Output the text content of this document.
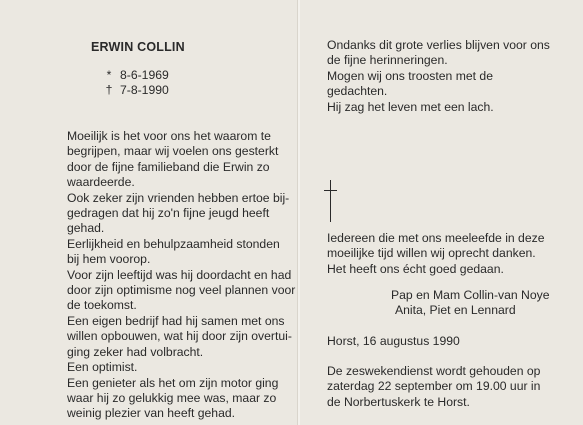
ERWIN COLLIN
* 8-6-1969
† 7-8-1990
Moeilijk is het voor ons het waarom te
begrijpen, maar wij voelen ons gesterkt
door de fijne familieband die Erwin zo
waardeerde.
Ook zeker zijn vrienden hebben ertoe bij-
gedragen dat hij zo'n fijne jeugd heeft
gehad.
Eerlijkheid en behulpzaamheid stonden
bij hem voorop.
Voor zijn leeftijd was hij doordacht en had
door zijn optimisme nog veel plannen voor
de toekomst.
Een eigen bedrijf had hij samen met ons
willen opbouwen, wat hij door zijn overtui-
ging zeker had volbracht.
Een optimist.
Een genieter als het om zijn motor ging
waar hij zo gelukkig mee was, maar zo
weinig plezier van heeft gehad.
Ondanks dit grote verlies blijven voor ons
de fijne herinneringen.
Mogen wij ons troosten met de
gedachten.
Hij zag het leven met een lach.
Iedereen die met ons meeleefde in deze
moeilijke tijd willen wij oprecht danken.
Het heeft ons écht goed gedaan.
Pap en Mam Collin-van Noye
Anita, Piet en Lennard
Horst, 16 augustus 1990
De zeswekendienst wordt gehouden op
zaterdag 22 september om 19.00 uur in
de Norbertuskerk te Horst.
